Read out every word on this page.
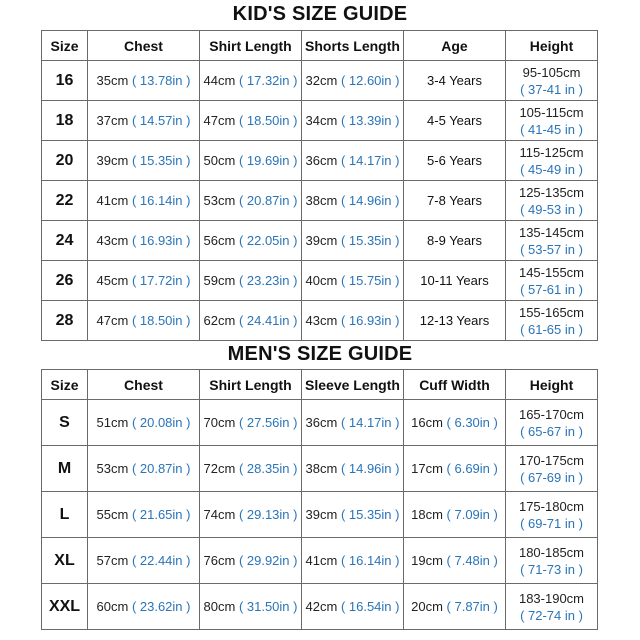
KID'S SIZE GUIDE
Size	Chest	Shirt Length	Shorts Length	Age	Height
16	35cm ( 13.78in )	44cm ( 17.32in )	32cm ( 12.60in )	3-4 Years	95-105cm
( 37-41 in )

18	37cm ( 14.57in )	47cm ( 18.50in )	34cm ( 13.39in )	4-5 Years	105-115cm
( 41-45 in )

20	39cm ( 15.35in )	50cm ( 19.69in )	36cm ( 14.17in )	5-6 Years	115-125cm
( 45-49 in )

22	41cm ( 16.14in )	53cm ( 20.87in )	38cm ( 14.96in )	7-8 Years	125-135cm
( 49-53 in )

24	43cm ( 16.93in )	56cm ( 22.05in )	39cm ( 15.35in )	8-9 Years	135-145cm
( 53-57 in )

26	45cm ( 17.72in )	59cm ( 23.23in )	40cm ( 15.75in )	10-11 Years	145-155cm
( 57-61 in )

28	47cm ( 18.50in )	62cm ( 24.41in )	43cm ( 16.93in )	12-13 Years	155-165cm
( 61-65 in )
MEN'S SIZE GUIDE
Size	Chest	Shirt Length	Sleeve Length	Cuff Width	Height
S	51cm ( 20.08in )	70cm ( 27.56in )	36cm ( 14.17in )	16cm ( 6.30in )	165-170cm
( 65-67 in )

M	53cm ( 20.87in )	72cm ( 28.35in )	38cm ( 14.96in )	17cm ( 6.69in )	170-175cm
( 67-69 in )

L	55cm ( 21.65in )	74cm ( 29.13in )	39cm ( 15.35in )	18cm ( 7.09in )	175-180cm
( 69-71 in )

XL	57cm ( 22.44in )	76cm ( 29.92in )	41cm ( 16.14in )	19cm ( 7.48in )	180-185cm
( 71-73 in )

XXL	60cm ( 23.62in )	80cm ( 31.50in )	42cm ( 16.54in )	20cm ( 7.87in )	183-190cm
( 72-74 in )
